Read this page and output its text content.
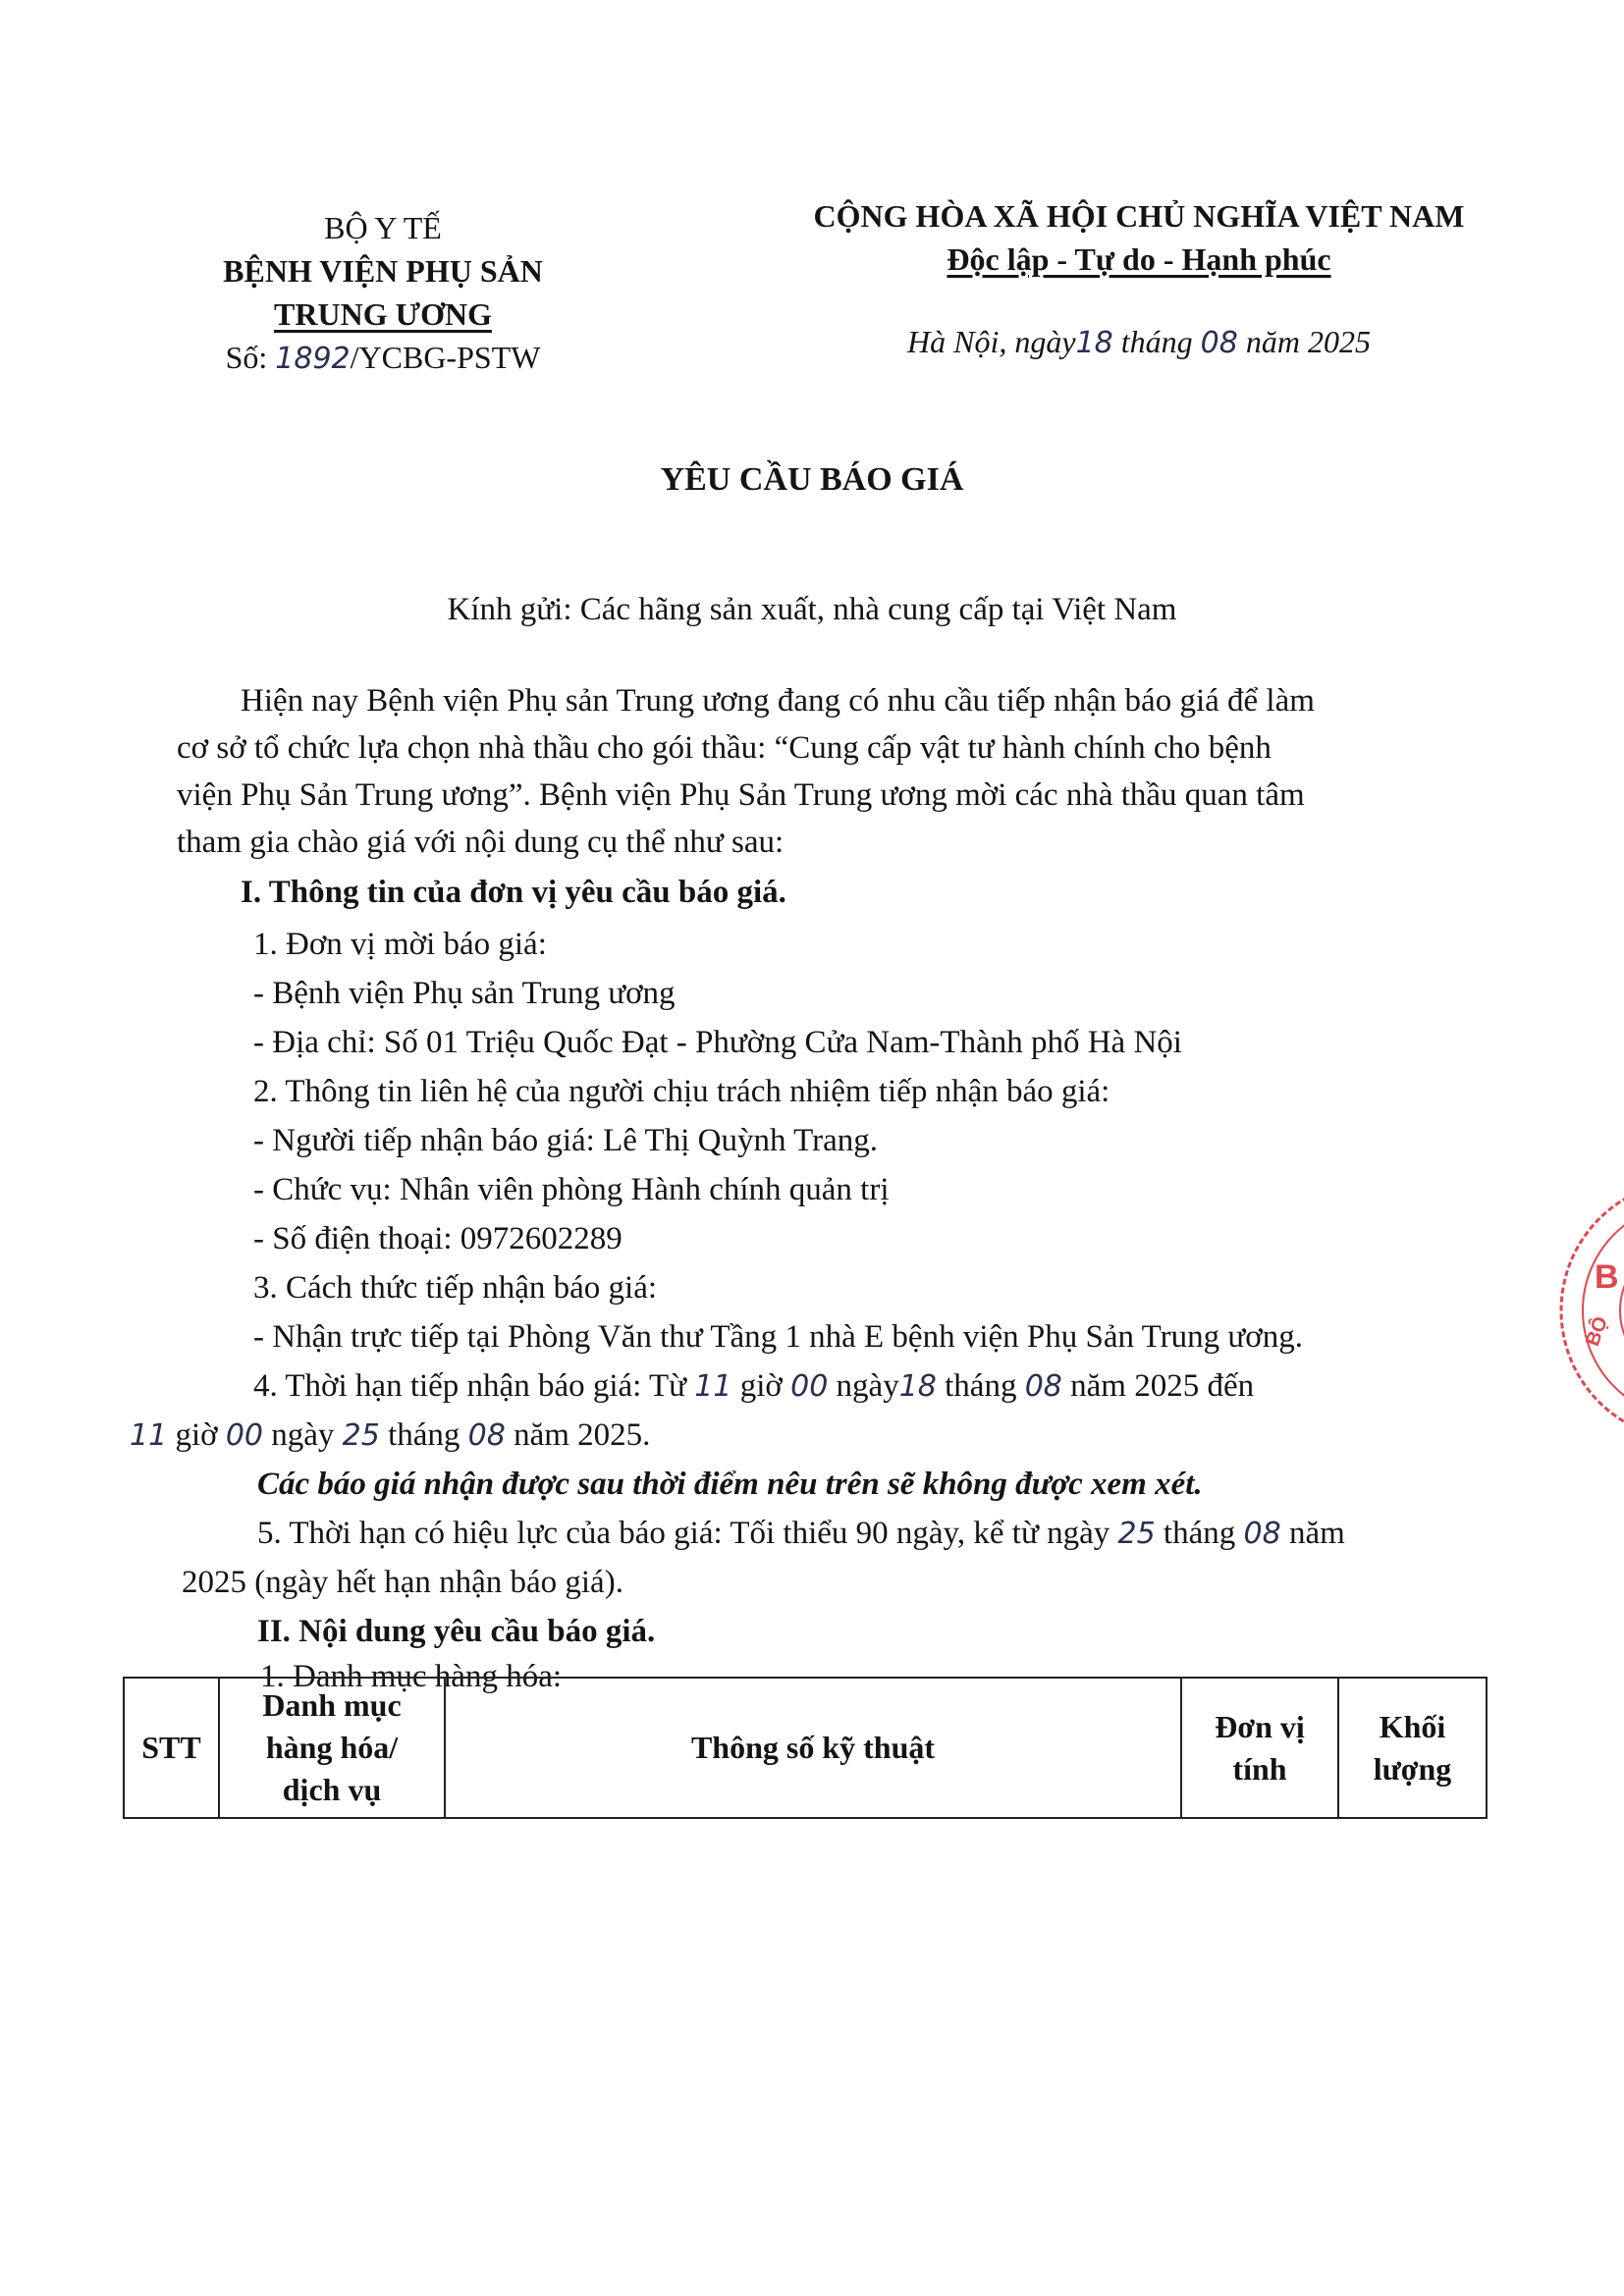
BỘ Y TẾ
BỆNH VIỆN PHỤ SẢN
TRUNG ƯƠNG
Số: 1892/YCBG-PSTW
CỘNG HÒA XÃ HỘI CHỦ NGHĨA VIỆT NAM
Độc lập - Tự do - Hạnh phúc
Hà Nội, ngày18 tháng 08 năm 2025
YÊU CẦU BÁO GIÁ
Kính gửi: Các hãng sản xuất, nhà cung cấp tại Việt Nam
Hiện nay Bệnh viện Phụ sản Trung ương đang có nhu cầu tiếp nhận báo giá để làm
cơ sở tổ chức lựa chọn nhà thầu cho gói thầu: “Cung cấp vật tư hành chính cho bệnh
viện Phụ Sản Trung ương”. Bệnh viện Phụ Sản Trung ương mời các nhà thầu quan tâm
tham gia chào giá với nội dung cụ thể như sau:
I. Thông tin của đơn vị yêu cầu báo giá.
1. Đơn vị mời báo giá:
- Bệnh viện Phụ sản Trung ương
- Địa chỉ: Số 01 Triệu Quốc Đạt - Phường Cửa Nam-Thành phố Hà Nội
2. Thông tin liên hệ của người chịu trách nhiệm tiếp nhận báo giá:
- Người tiếp nhận báo giá: Lê Thị Quỳnh Trang.
- Chức vụ: Nhân viên phòng Hành chính quản trị
- Số điện thoại: 0972602289
3. Cách thức tiếp nhận báo giá:
- Nhận trực tiếp tại Phòng Văn thư Tầng 1 nhà E bệnh viện Phụ Sản Trung ương.
4. Thời hạn tiếp nhận báo giá: Từ 11 giờ 00 ngày18 tháng 08 năm 2025 đến
11 giờ 00 ngày 25 tháng 08 năm 2025.
Các báo giá nhận được sau thời điểm nêu trên sẽ không được xem xét.
5. Thời hạn có hiệu lực của báo giá: Tối thiểu 90 ngày, kể từ ngày 25 tháng 08 năm
2025 (ngày hết hạn nhận báo giá).
II. Nội dung yêu cầu báo giá.
1. Danh mục hàng hóa:
STT
Danh mục
hàng hóa/
dịch vụ
Thông số kỹ thuật
Đơn vị
tính
Khối
lượng
B
BỘ
